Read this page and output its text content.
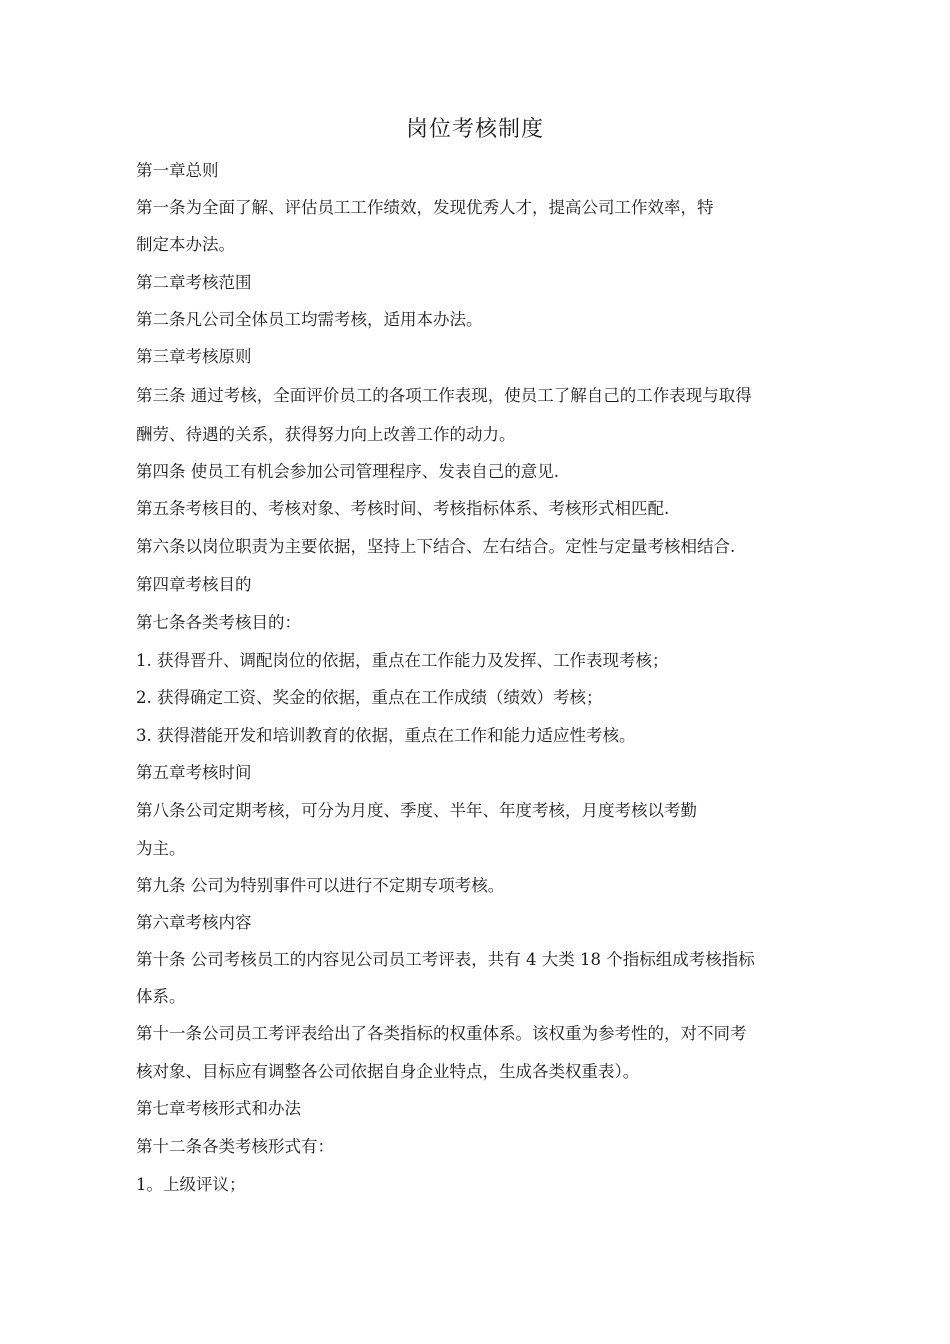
岗位考核制度
第一章总则
第一条为全面了解、评估员工工作绩效，发现优秀人才，提高公司工作效率，特
制定本办法。
第二章考核范围
第二条凡公司全体员工均需考核，适用本办法。
第三章考核原则
第三条 通过考核，全面评价员工的各项工作表现，使员工了解自己的工作表现与取得
酬劳、待遇的关系，获得努力向上改善工作的动力。
第四条 使员工有机会参加公司管理程序、发表自己的意见.
第五条考核目的、考核对象、考核时间、考核指标体系、考核形式相匹配.
第六条以岗位职责为主要依据，坚持上下结合、左右结合。定性与定量考核相结合.
第四章考核目的
第七条各类考核目的：
1. 获得晋升、调配岗位的依据，重点在工作能力及发挥、工作表现考核；
2. 获得确定工资、奖金的依据，重点在工作成绩（绩效）考核；
3. 获得潜能开发和培训教育的依据，重点在工作和能力适应性考核。
第五章考核时间
第八条公司定期考核，可分为月度、季度、半年、年度考核，月度考核以考勤
为主。
第九条 公司为特别事件可以进行不定期专项考核。
第六章考核内容
第十条 公司考核员工的内容见公司员工考评表，共有 4 大类 18 个指标组成考核指标
体系。
第十一条公司员工考评表给出了各类指标的权重体系。该权重为参考性的，对不同考
核对象、目标应有调整各公司依据自身企业特点，生成各类权重表）。
第七章考核形式和办法
第十二条各类考核形式有：
1。上级评议；
